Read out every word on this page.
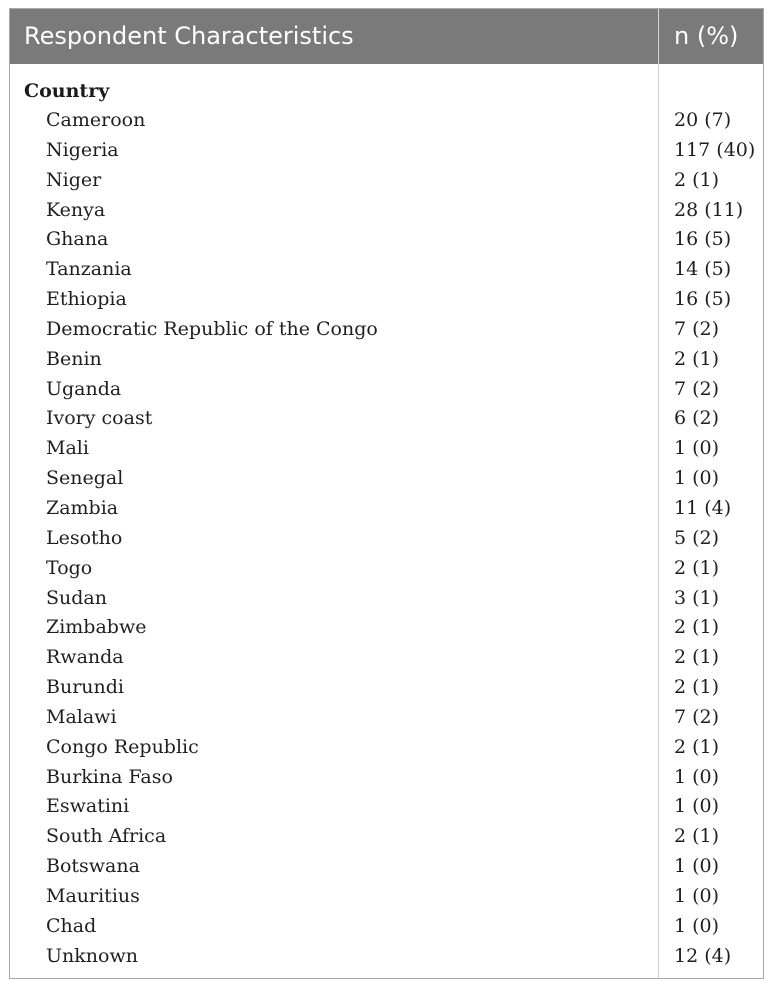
Respondent Characteristics	n (%)
Country
Cameroon	20 (7)
Nigeria	117 (40)
Niger	2 (1)
Kenya	28 (11)
Ghana	16 (5)
Tanzania	14 (5)
Ethiopia	16 (5)
Democratic Republic of the Congo	7 (2)
Benin	2 (1)
Uganda	7 (2)
Ivory coast	6 (2)
Mali	1 (0)
Senegal	1 (0)
Zambia	11 (4)
Lesotho	5 (2)
Togo	2 (1)
Sudan	3 (1)
Zimbabwe	2 (1)
Rwanda	2 (1)
Burundi	2 (1)
Malawi	7 (2)
Congo Republic	2 (1)
Burkina Faso	1 (0)
Eswatini	1 (0)
South Africa	2 (1)
Botswana	1 (0)
Mauritius	1 (0)
Chad	1 (0)
Unknown	12 (4)
